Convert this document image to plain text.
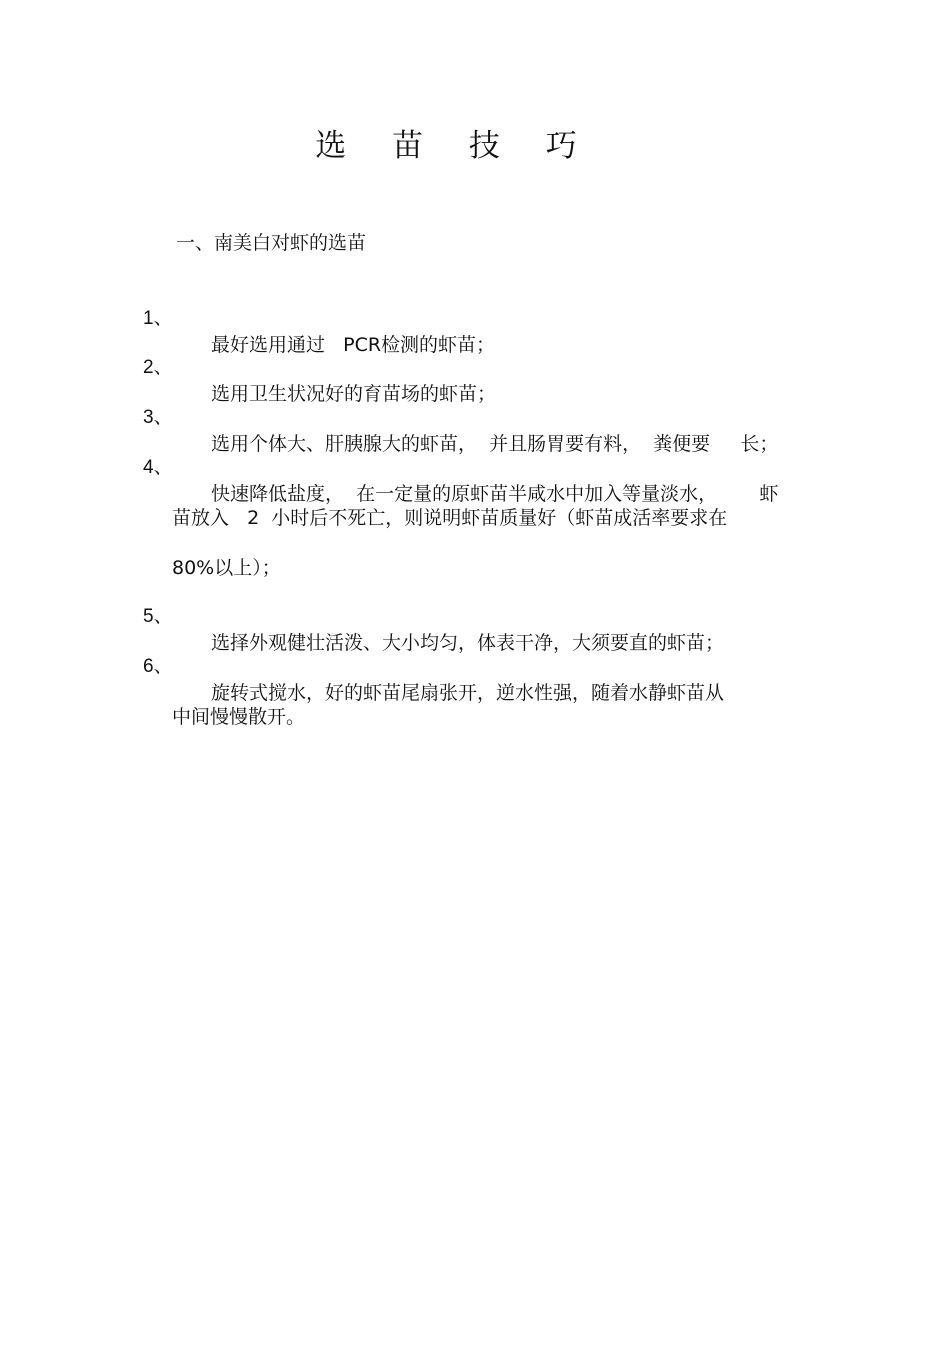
选 苗 技 巧

一、南美白对虾的选苗

1、

最好选用通过   PCR检测的虾苗；

2、

选用卫生状况好的育苗场的虾苗；

3、

选用个体大、肝胰腺大的虾苗，  并且肠胃要有料，  粪便要     长；

4、

快速降低盐度，  在一定量的原虾苗半咸水中加入等量淡水，       虾

苗放入   2  小时后不死亡，则说明虾苗质量好（虾苗成活率要求在

80%以上）；

5、

选择外观健壮活泼、大小均匀，体表干净，大须要直的虾苗；

6、

旋转式搅水，好的虾苗尾扇张开，逆水性强，随着水静虾苗从

中间慢慢散开。
